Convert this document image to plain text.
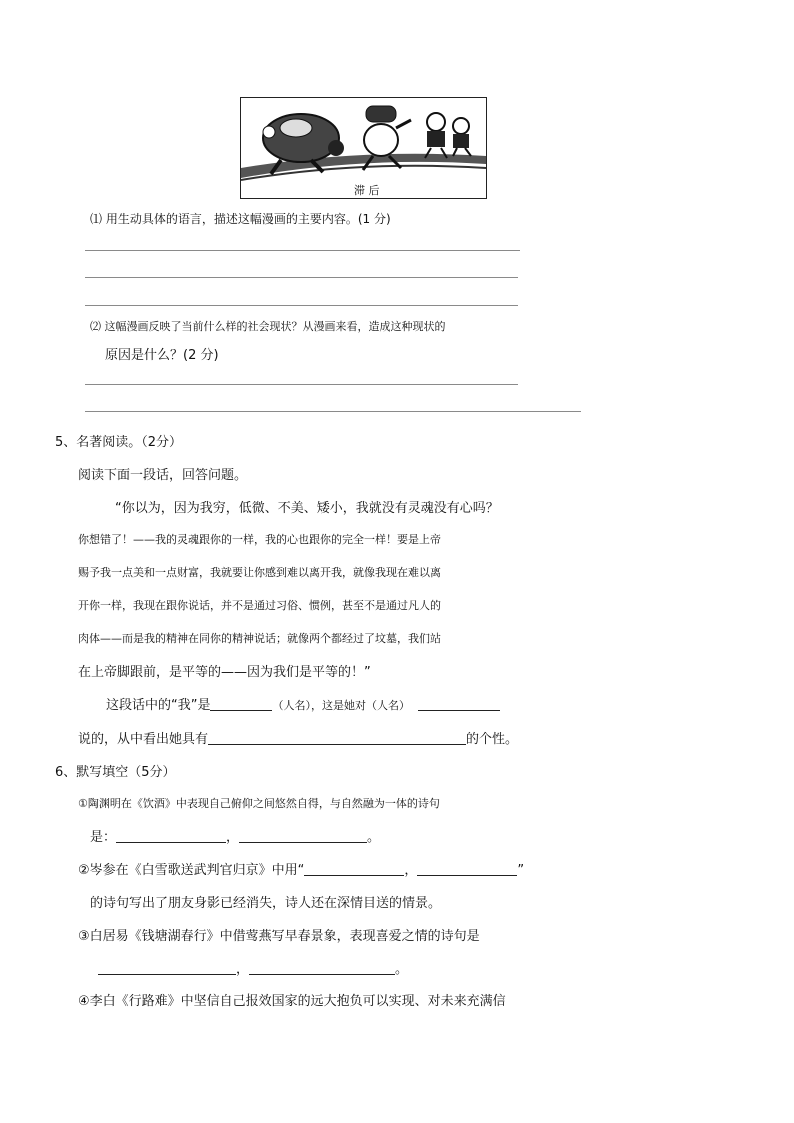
滞 后
⑴ 用生动具体的语言，描述这幅漫画的主要内容。(1 分)
⑵ 这幅漫画反映了当前什么样的社会现状？从漫画来看，造成这种现状的
原因是什么？(2 分)
5、名著阅读。（2分）
阅读下面一段话，回答问题。
“你以为，因为我穷，低微、不美、矮小，我就没有灵魂没有心吗？
你想错了！——我的灵魂跟你的一样，我的心也跟你的完全一样！要是上帝
赐予我一点美和一点财富，我就要让你感到难以离开我，就像我现在难以离
开你一样，我现在跟你说话，并不是通过习俗、惯例，甚至不是通过凡人的
肉体——而是我的精神在同你的精神说话；就像两个都经过了坟墓，我们站
在上帝脚跟前，是平等的——因为我们是平等的！”
这段话中的“我”是	（人名），这是她对（人名）
说的，从中看出她具有	的个性。
6、默写填空（5分）
①陶渊明在《饮酒》中表现自己俯仰之间悠然自得，与自然融为一体的诗句
是：	，	。
②岑参在《白雪歌送武判官归京》中用“	，	”
的诗句写出了朋友身影已经消失，诗人还在深情目送的情景。
③白居易《钱塘湖春行》中借莺燕写早春景象，表现喜爱之情的诗句是
，	。
④李白《行路难》中坚信自己报效国家的远大抱负可以实现、对未来充满信
